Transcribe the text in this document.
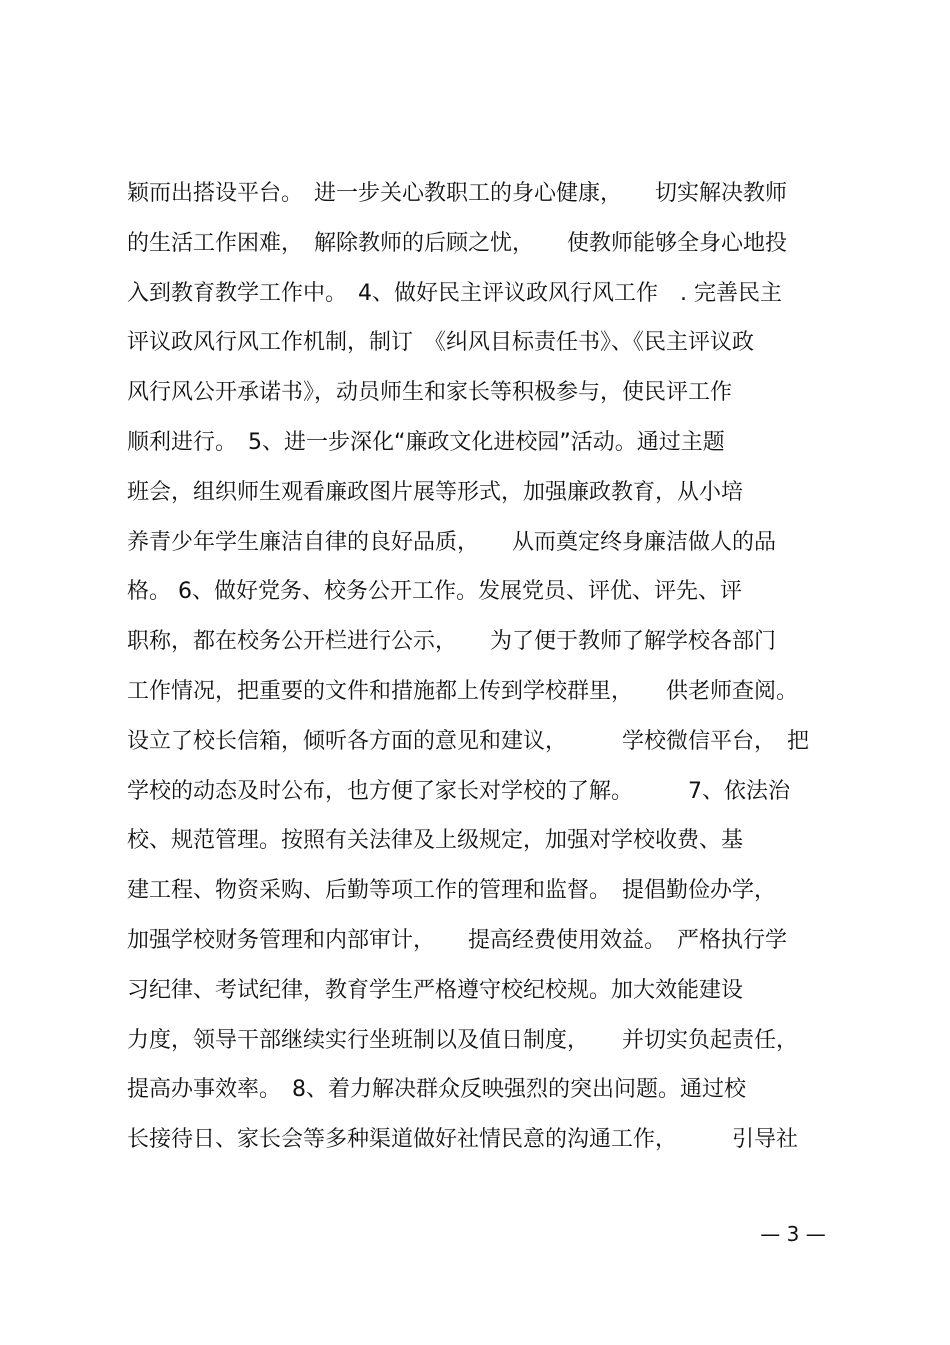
颖而出搭设平台。　进一步关心教职工的身心健康，　　切实解决教师
的生活工作困难，　解除教师的后顾之忧，　　使教师能够全身心地投
入到教育教学工作中。　4、做好民主评议政风行风工作　. 完善民主
评议政风行风工作机制，制订　《纠风目标责任书》、《民主评议政
风行风公开承诺书》，动员师生和家长等积极参与，使民评工作
顺利进行。　5、进一步深化“廉政文化进校园”活动。通过主题
班会，组织师生观看廉政图片展等形式，加强廉政教育，从小培
养青少年学生廉洁自律的良好品质，　　从而奠定终身廉洁做人的品
格。 6、做好党务、校务公开工作。发展党员、评优、评先、评
职称，都在校务公开栏进行公示，　　为了便于教师了解学校各部门
工作情况，把重要的文件和措施都上传到学校群里，　　供老师查阅。
设立了校长信箱，倾听各方面的意见和建议，　　　学校微信平台，　把
学校的动态及时公布，也方便了家长对学校的了解。　　　7、依法治
校、规范管理。按照有关法律及上级规定，加强对学校收费、基
建工程、物资采购、后勤等项工作的管理和监督。　提倡勤俭办学，
加强学校财务管理和内部审计，　　提高经费使用效益。　严格执行学
习纪律、考试纪律，教育学生严格遵守校纪校规。加大效能建设
力度，领导干部继续实行坐班制以及值日制度，　　并切实负起责任，
提高办事效率。　8、着力解决群众反映强烈的突出问题。通过校
长接待日、家长会等多种渠道做好社情民意的沟通工作，　　　引导社
— 3 —
